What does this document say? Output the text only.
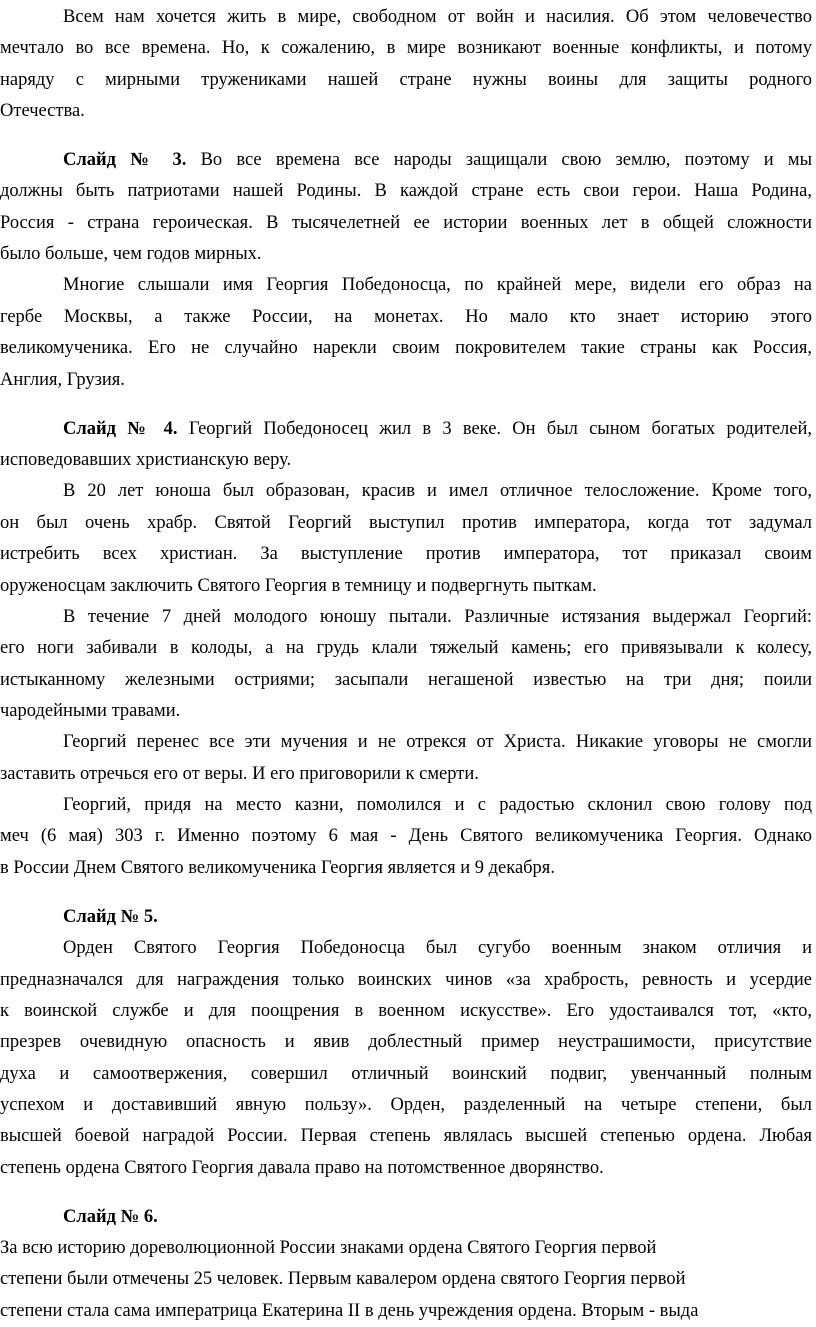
Всем нам хочется жить в мире, свободном от войн и насилия. Об этом человечество
мечтало во все времена. Но, к сожалению, в мире возникают военные конфликты, и потому
наряду с мирными тружениками нашей стране нужны воины для защиты родного
Отечества.
Слайд № 3. Во все времена все народы защищали свою землю, поэтому и мы
должны быть патриотами нашей Родины. В каждой стране есть свои герои. Наша Родина,
Россия - страна героическая. В тысячелетней ее истории военных лет в общей сложности
было больше, чем годов мирных.
Многие слышали имя Георгия Победоносца, по крайней мере, видели его образ на
гербе Москвы, а также России, на монетах. Но мало кто знает историю этого
великомученика. Его не случайно нарекли своим покровителем такие страны как Россия,
Англия, Грузия.
Слайд № 4. Георгий Победоносец жил в 3 веке. Он был сыном богатых родителей,
исповедовавших христианскую веру.
В 20 лет юноша был образован, красив и имел отличное телосложение. Кроме того,
он был очень храбр. Святой Георгий выступил против императора, когда тот задумал
истребить всех христиан. За выступление против императора, тот приказал своим
оруженосцам заключить Святого Георгия в темницу и подвергнуть пыткам.
В течение 7 дней молодого юношу пытали. Различные истязания выдержал Георгий:
его ноги забивали в колоды, а на грудь клали тяжелый камень; его привязывали к колесу,
истыканному железными остриями; засыпали негашеной известью на три дня; поили
чародейными травами.
Георгий перенес все эти мучения и не отрекся от Христа. Никакие уговоры не смогли
заставить отречься его от веры. И его приговорили к смерти.
Георгий, придя на место казни, помолился и с радостью склонил свою голову под
меч (6 мая) 303 г. Именно поэтому 6 мая - День Святого великомученика Георгия. Однако
в России Днем Святого великомученика Георгия является и 9 декабря.
Слайд № 5.
Орден Святого Георгия Победоносца был сугубо военным знаком отличия и
предназначался для награждения только воинских чинов «за храбрость, ревность и усердие
к воинской службе и для поощрения в военном искусстве». Его удостаивался тот, «кто,
презрев очевидную опасность и явив доблестный пример неустрашимости, присутствие
духа и самоотвержения, совершил отличный воинский подвиг, увенчанный полным
успехом и доставивший явную пользу». Орден, разделенный на четыре степени, был
высшей боевой наградой России. Первая степень являлась высшей степенью ордена. Любая
степень ордена Святого Георгия давала право на потомственное дворянство.
Слайд № 6.
За всю историю дореволюционной России знаками ордена Святого Георгия первой
степени были отмечены 25 человек. Первым кавалером ордена святого Георгия первой
степени стала сама императрица Екатерина II в день учреждения ордена. Вторым - выда
